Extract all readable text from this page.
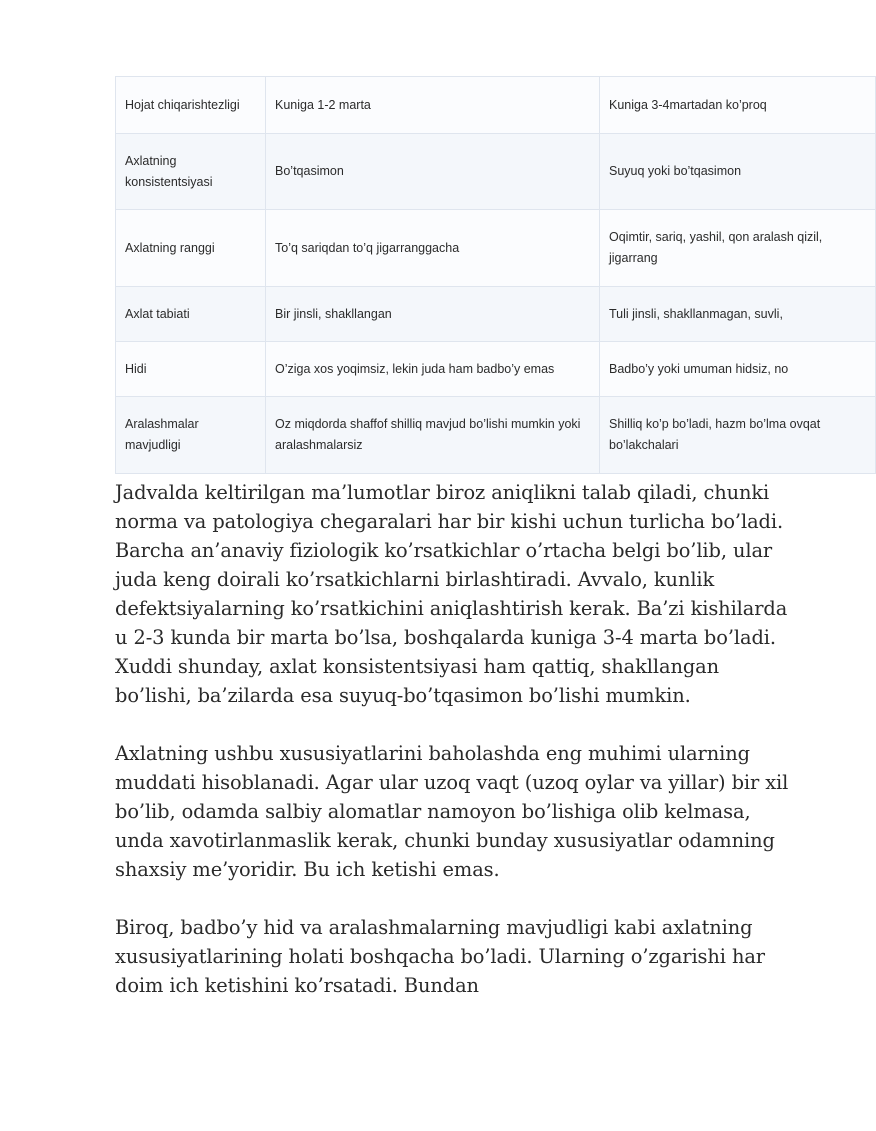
Hojat chiqarishtezligi	Kuniga 1-2 marta	Kuniga 3-4martadan ko’proq
Axlatning konsistentsiyasi	Bo’tqasimon	Suyuq yoki bo’tqasimon
Axlatning ranggi	To’q sariqdan to’q jigarranggacha	Oqimtir, sariq, yashil, qon aralash qizil, jigarrang
Axlat tabiati	Bir jinsli, shakllangan	Tuli jinsli, shakllanmagan, suvli,
Hidi	O’ziga xos yoqimsiz, lekin juda ham badbo’y emas	Badbo’y yoki umuman hidsiz, no
Aralashmalar mavjudligi	Oz miqdorda shaffof shilliq mavjud bo’lishi mumkin yoki aralashmalarsiz	Shilliq ko’p bo’ladi, hazm bo’lma ovqat bo’lakchalari

Jadvalda keltirilgan ma’lumotlar biroz aniqlikni talab qiladi, chunki norma va patologiya chegaralari har bir kishi uchun turlicha bo’ladi. Barcha an’anaviy fiziologik ko’rsatkichlar o’rtacha belgi bo’lib, ular juda keng doirali ko’rsatkichlarni birlashtiradi. Avvalo, kunlik defektsiyalarning ko’rsatkichini aniqlashtirish kerak. Ba’zi kishilarda u 2-3 kunda bir marta bo’lsa, boshqalarda kuniga 3-4 marta bo’ladi. Xuddi shunday, axlat konsistentsiyasi ham qattiq, shakllangan bo’lishi, ba’zilarda esa suyuq-bo’tqasimon bo’lishi mumkin.

Axlatning ushbu xususiyatlarini baholashda eng muhimi ularning muddati hisoblanadi. Agar ular uzoq vaqt (uzoq oylar va yillar) bir xil bo’lib, odamda salbiy alomatlar namoyon bo’lishiga olib kelmasa, unda xavotirlanmaslik kerak, chunki bunday xususiyatlar odamning shaxsiy me’yoridir. Bu ich ketishi emas.

Biroq, badbo’y hid va aralashmalarning mavjudligi kabi axlatning xususiyatlarining holati boshqacha bo’ladi. Ularning o’zgarishi har doim ich ketishini ko’rsatadi. Bundan
